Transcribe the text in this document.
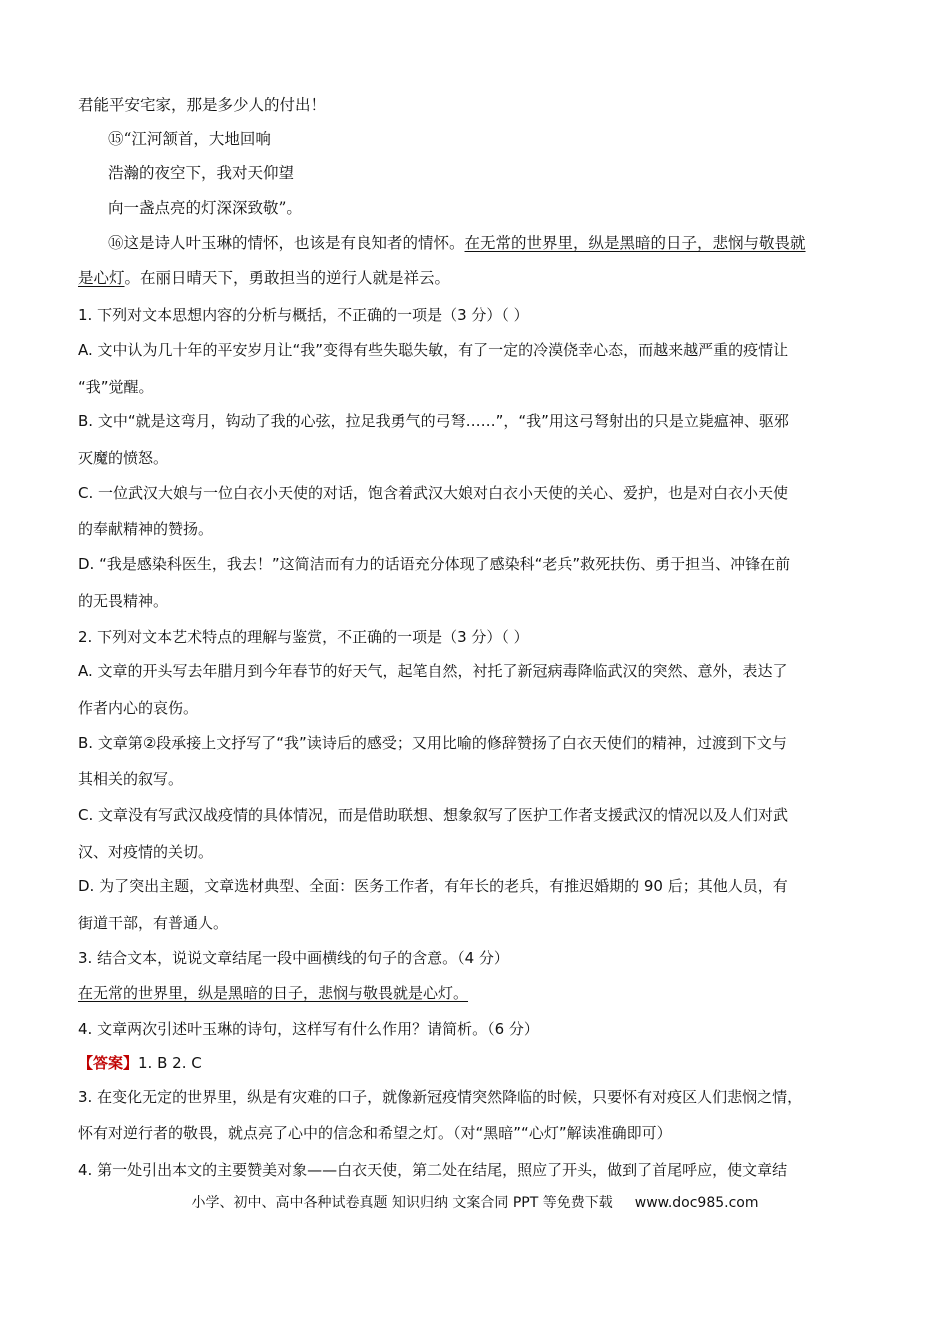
君能平安宅家，那是多少人的付出！
⑮“江河颔首，大地回响
浩瀚的夜空下，我对天仰望
向一盏点亮的灯深深致敬”。
⑯这是诗人叶玉琳的情怀，也该是有良知者的情怀。在无常的世界里，纵是黑暗的日子，悲悯与敬畏就
是心灯。在丽日晴天下，勇敢担当的逆行人就是祥云。
1. 下列对文本思想内容的分析与概括，不正确的一项是（3 分）（ ）
A. 文中认为几十年的平安岁月让“我”变得有些失聪失敏，有了一定的冷漠侥幸心态，而越来越严重的疫情让
“我”觉醒。
B. 文中“就是这弯月，钩动了我的心弦，拉足我勇气的弓弩……”，“我”用这弓弩射出的只是立毙瘟神、驱邪
灭魔的愤怒。
C. 一位武汉大娘与一位白衣小天使的对话，饱含着武汉大娘对白衣小天使的关心、爱护，也是对白衣小天使
的奉献精神的赞扬。
D. “我是感染科医生，我去！”这简洁而有力的话语充分体现了感染科“老兵”救死扶伤、勇于担当、冲锋在前
的无畏精神。
2. 下列对文本艺术特点的理解与鉴赏，不正确的一项是（3 分）（ ）
A. 文章的开头写去年腊月到今年春节的好天气，起笔自然，衬托了新冠病毒降临武汉的突然、意外，表达了
作者内心的哀伤。
B. 文章第②段承接上文抒写了“我”读诗后的感受；又用比喻的修辞赞扬了白衣天使们的精神，过渡到下文与
其相关的叙写。
C. 文章没有写武汉战疫情的具体情况，而是借助联想、想象叙写了医护工作者支援武汉的情况以及人们对武
汉、对疫情的关切。
D. 为了突出主题，文章选材典型、全面：医务工作者，有年长的老兵，有推迟婚期的 90 后；其他人员，有
街道干部，有普通人。
3. 结合文本，说说文章结尾一段中画横线的句子的含意。（4 分）
在无常的世界里，纵是黑暗的日子，悲悯与敬畏就是心灯。
4. 文章两次引述叶玉琳的诗句，这样写有什么作用？请简析。（6 分）
【答案】1. B 2. C
3. 在变化无定的世界里，纵是有灾难的口子，就像新冠疫情突然降临的时候，只要怀有对疫区人们悲悯之情，
怀有对逆行者的敬畏，就点亮了心中的信念和希望之灯。（对“黑暗”“心灯”解读准确即可）
4. 第一处引出本文的主要赞美对象——白衣天使，第二处在结尾，照应了开头，做到了首尾呼应，使文章结
小学、初中、高中各种试卷真题 知识归纳 文案合同 PPT 等免费下载 www.doc985.com
